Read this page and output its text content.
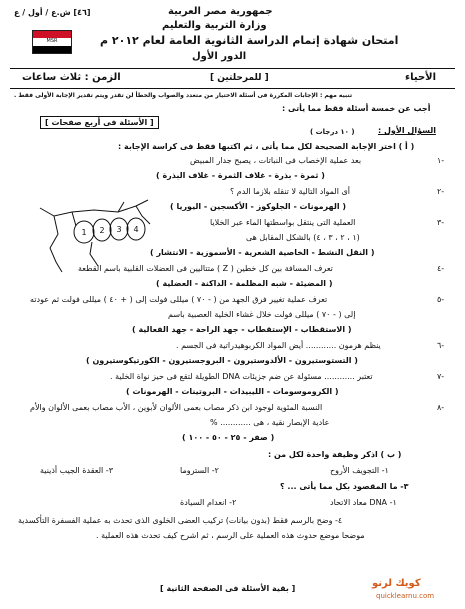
[٤٦] ش.ع / أول / ع	جمهورية مصر العربية
وزارة التربية والتعليم
امتحان شهادة إتمام الدراسة الثانوية العامة لعام ٢٠١٢ م
الدور الأول
MSR
الأحياء
[ للمرحلتين ]
الزمن : ثلاث ساعات
تنبيه مهم : الإجابات المكررة فى أسئلة الاختيار من متعدد والصواب والخطأ لن تقدر ويتم تقدير الإجابة الأولى فقط .
أجب عن خمسة أسئلة فقط مما يأتى :
[ الأسئلة فى أربع صفحات ]
السؤال الأول :
( ١٠ درجات )
( أ ) اختر الإجابة الصحيحة لكل مما يأتى ، ثم اكتبها فقط فى كراسة الإجابة :
-١
بعد عملية الإخصاب فى النباتات ، يصبح جدار المبيض
( ثمرة - بذرة - غلاف الثمرة - غلاف البذرة )
-٢
أى المواد التالية لا تنقله بلازما الدم ؟
( الهرمونات - الجلوكوز - الأكسجين - اليوريا )
-٣
العملية التى ينتقل بواسطتها الماء عبر الخلايا
(١ ، ٢ ، ٣ ، ٤) بالشكل المقابل هى
( النقل النشط - الخاصية الشعرية - الأسموزية - الانتشار )
1 2 3 4
-٤
تعرف المسافة بين كل خطين ( Z ) متتاليين فى العضلات القلبية باسم القطعة
( المضيئة - شبه المظلمة - الداكنة - العضلية )
-٥
تعرف عملية تغيير فرق الجهد من ( - ٧٠ ) ميللى فولت إلى ( + ٤٠ ) ميللى فولت ثم عودته
إلى ( - ٧٠ ) ميللى فولت خلال غشاء الخلية العصبية باسم
( الاستقطاب - الإستقطاب - جهد الراحة - جهد الفعالية )
-٦
ينظم هرمون ............ أيض المواد الكربوهيدراتية فى الجسم .
( التستوستيرون - الألدوستيرون - البروجستيرون - الكورتيكوستيرون )
-٧
تعتبر ............ مسئولة عن ضم جزيئات DNA الطويلة لتقع فى حيز نواة الخلية .
( الكروموسومات - الليبيدات - البروتينات - الهرمونات )
-٨
النسبة المئوية لوجود ابن ذكر مصاب بعمى الألوان لأبوين ، الأب مصاب بعمى الألوان والأم
عادية الإبصار نقية ، هى ............ %
( صفر - ٢٥ - ٥٠ - ١٠٠ )
( ب ) اذكر وظيفة واحدة لكل من :
١- التجويف الأروح
٢- الستروما
٣- العقدة الجيب أذينية
٣- ما المقصود بكل مما يأتى ... ؟
١- DNA معاد الاتحاد
٢- انعدام السيادة
٤- وضح بالرسم فقط (بدون بيانات) تركيب العضى الخلوى الذى تحدث به عملية الفسفرة التأكسدية
موضحا موضع حدوث هذه العملية على الرسم ، ثم اشرح كيف تحدث هذه العملية .
[ بقية الأسئلة فى الصفحة الثانية ]	كويك لرنو
quicklearnu.com
